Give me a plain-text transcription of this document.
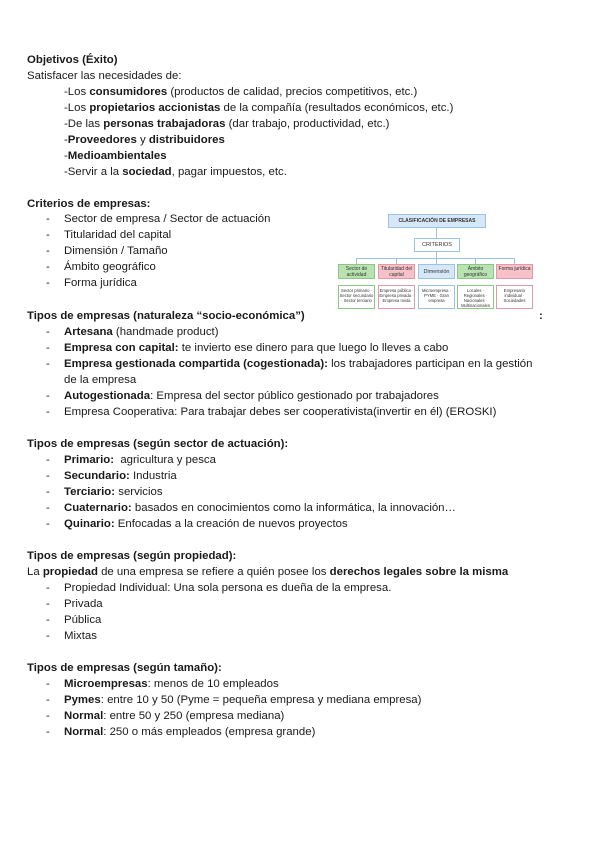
Objetivos (Éxito)
Satisfacer las necesidades de:
-Los consumidores (productos de calidad, precios competitivos, etc.)
-Los propietarios accionistas de la compañía (resultados económicos, etc.)
-De las personas trabajadoras (dar trabajo, productividad, etc.)
-Proveedores y distribuidores
-Medioambientales
-Servir a la sociedad, pagar impuestos, etc.
Criterios de empresas:
- Sector de empresa / Sector de actuación
- Titularidad del capital
- Dimensión / Tamaño
- Ámbito geográfico
- Forma jurídica
CLASIFICACIÓN DE EMPRESAS
CRITERIOS
Sector de actividad
Titularidad del capital	Dimensión	Ámbito geográfico
Forma jurídica
Sector primario · Sector secundario · Sector terciario
Empresa pública · Empresa privada · Empresa mixta
Microempresa · PYME · Gran empresa
Locales · Regionales · Nacionales · Multinacionales
Empresario individual · Sociedades
Tipos de empresas (naturaleza “socio-económica”)	:
- Artesana (handmade product)
- Empresa con capital: te invierto ese dinero para que luego lo lleves a cabo
- Empresa gestionada compartida (cogestionada): los trabajadores participan en la gestión
de la empresa
- Autogestionada: Empresa del sector público gestionado por trabajadores
- Empresa Cooperativa: Para trabajar debes ser cooperativista(invertir en él) (EROSKI)
Tipos de empresas (según sector de actuación):
- Primario:  agricultura y pesca
- Secundario: Industria
- Terciario: servicios
- Cuaternario: basados en conocimientos como la informática, la innovación…
- Quinario: Enfocadas a la creación de nuevos proyectos
Tipos de empresas (según propiedad):
La propiedad de una empresa se refiere a quién posee los derechos legales sobre la misma
- Propiedad Individual: Una sola persona es dueña de la empresa.
- Privada
- Pública
- Mixtas
Tipos de empresas (según tamaño):
- Microempresas: menos de 10 empleados
- Pymes: entre 10 y 50 (Pyme = pequeña empresa y mediana empresa)
- Normal: entre 50 y 250 (empresa mediana)
- Normal: 250 o más empleados (empresa grande)
